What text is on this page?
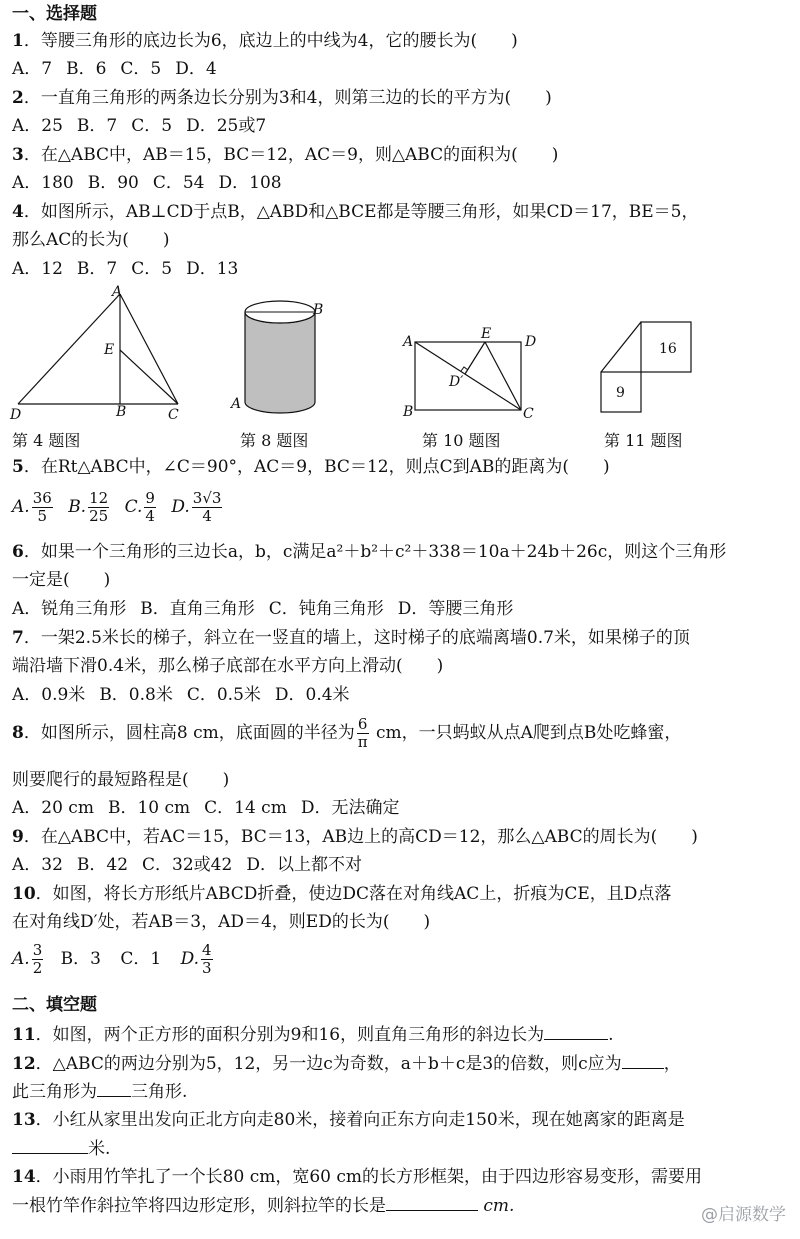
一、选择题
1．等腰三角形的底边长为6，底边上的中线为4，它的腰长为(　　)
A．7 B．6 C．5 D．4
2．一直角三角形的两条边长分别为3和4，则第三边的长的平方为(　　)
A．25 B．7 C．5 D．25或7
3．在△ABC中，AB＝15，BC＝12，AC＝9，则△ABC的面积为(　　)
A．180 B．90 C．54 D．108
4．如图所示，AB⊥CD于点B，△ABD和△BCE都是等腰三角形，如果CD＝17，BE＝5，
那么AC的长为(　　)
A．12 B．7 C．5 D．13
A
E
D	B	C
第 4 题图
B
A
第 8 题图
A	E D
D′
B	C
第 10 题图
16
9
第 11 题图
5．在Rt△ABC中，∠C＝90°，AC＝9，BC＝12，则点C到AB的距离为(　　)
A. $\frac{36}{5} B$. $\frac{12}{25} C$. $\frac{9}{4} D$. $\frac{3√3}{4}$
6．如果一个三角形的三边长a，b，c满足a²＋b²＋c²＋338＝10a＋24b＋26c，则这个三角形
一定是(　　)
A．锐角三角形 B．直角三角形 C．钝角三角形 D．等腰三角形
7．一架2.5米长的梯子，斜立在一竖直的墙上，这时梯子的底端离墙0.7米，如果梯子的顶
端沿墙下滑0.4米，那么梯子底部在水平方向上滑动(　　)
A．0.9米 B．0.8米 C．0.5米 D．0.4米
8．如图所示，圆柱高8 cm，底面圆的半径为 $\frac{6}{\pi}$ cm，一只蚂蚁从点A爬到点B处吃蜂蜜，
则要爬行的最短路程是(　　)
A．20 cm B．10 cm C．14 cm D．无法确定
9．在△ABC中，若AC＝15，BC＝13，AB边上的高CD＝12，那么△ABC的周长为(　　)
A．32 B．42 C．32或42 D．以上都不对
10．如图，将长方形纸片ABCD折叠，使边DC落在对角线AC上，折痕为CE，且D点落
在对角线D′处，若AB＝3，AD＝4，则ED的长为(　　)
A. $\frac{3}{2}$ B．3 C．1 D. $\frac{4}{3}$
二、填空题
11．如图，两个正方形的面积分别为9和16，则直角三角形的斜边长为	.
12．△ABC的两边分别为5，12，另一边c为奇数，a＋b＋c是3的倍数，则c应为 ，
此三角形为 三角形.
13．小红从家里出发向正北方向走80米，接着向正东方向走150米，现在她离家的距离是
米.
14．小雨用竹竿扎了一个长80 cm，宽60 cm的长方形框架，由于四边形容易变形，需要用
一根竹竿作斜拉竿将四边形定形，则斜拉竿的长是	cm.	@启源数学
